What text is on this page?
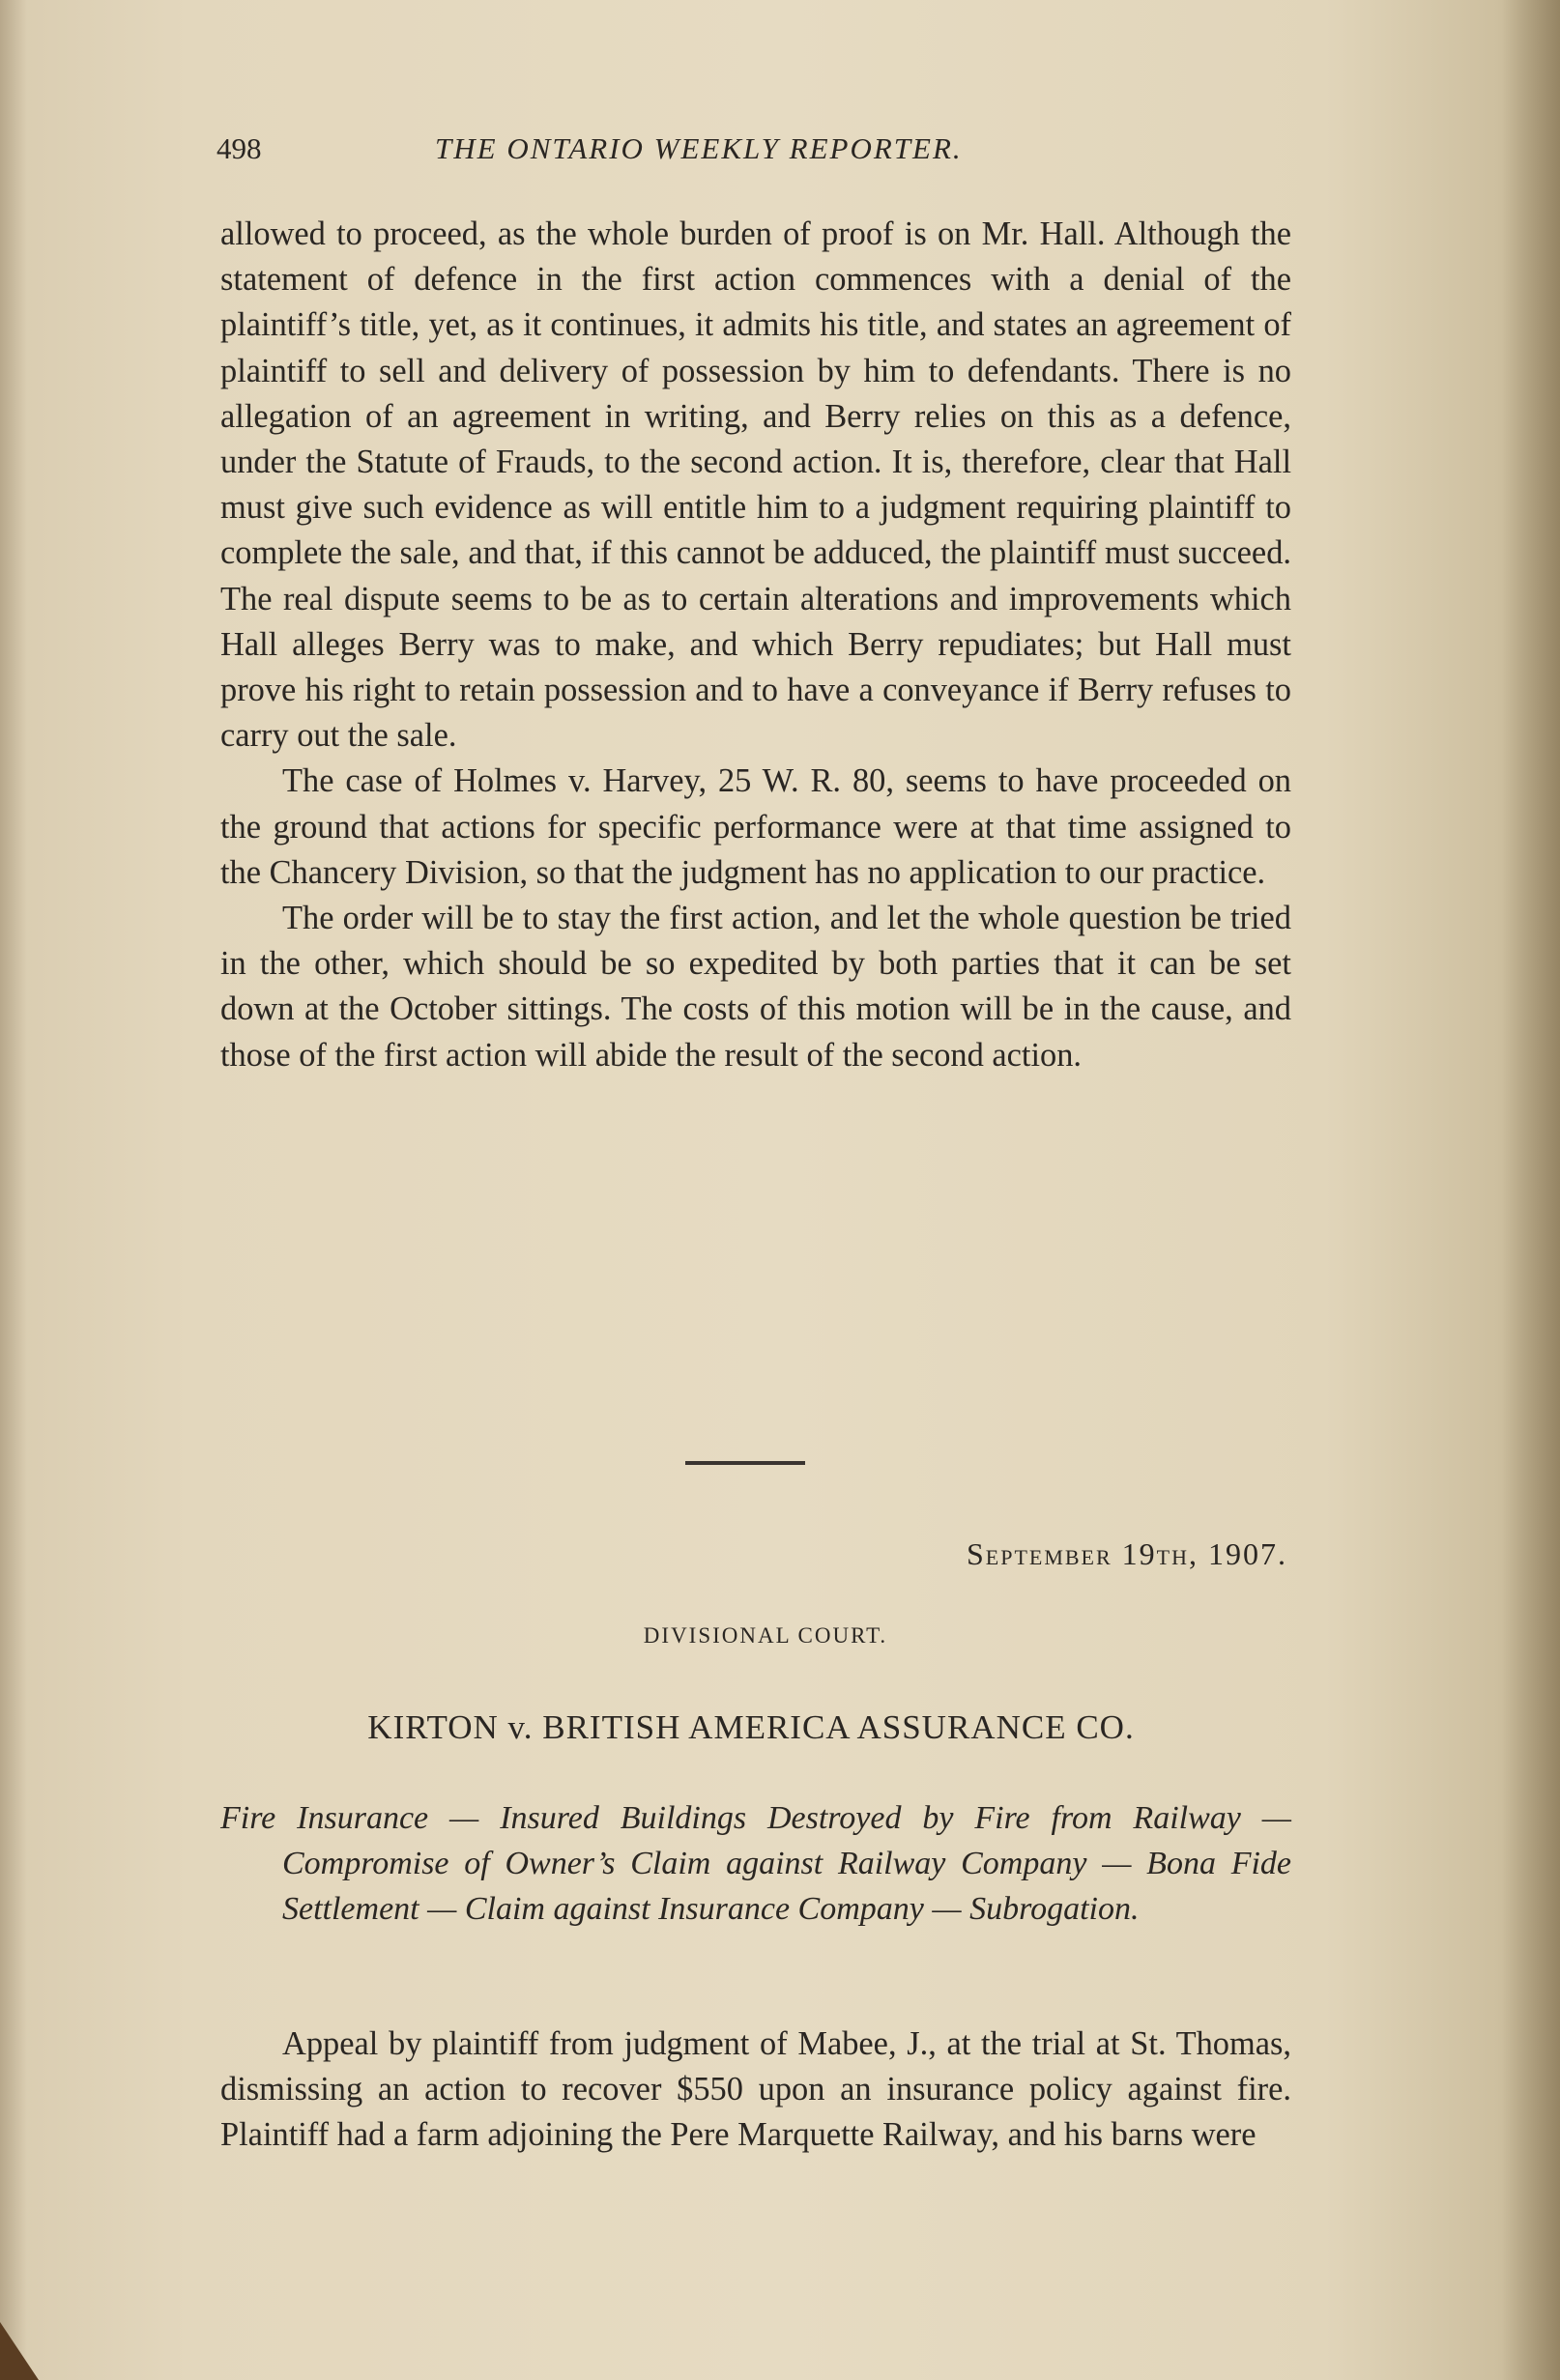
498	THE ONTARIO WEEKLY REPORTER.

allowed to proceed, as the whole burden of proof is on Mr. Hall. Although the statement of defence in the first action commences with a denial of the plaintiff’s title, yet, as it continues, it admits his title, and states an agreement of plaintiff to sell and delivery of possession by him to defendants. There is no allegation of an agreement in writing, and Berry relies on this as a defence, under the Statute of Frauds, to the second action. It is, therefore, clear that Hall must give such evidence as will entitle him to a judgment requiring plaintiff to complete the sale, and that, if this cannot be adduced, the plaintiff must succeed. The real dispute seems to be as to certain alterations and improvements which Hall alleges Berry was to make, and which Berry repudiates; but Hall must prove his right to retain possession and to have a conveyance if Berry refuses to carry out the sale.

The case of Holmes v. Harvey, 25 W. R. 80, seems to have proceeded on the ground that actions for specific performance were at that time assigned to the Chancery Division, so that the judgment has no application to our practice.

The order will be to stay the first action, and let the whole question be tried in the other, which should be so expedited by both parties that it can be set down at the October sittings. The costs of this motion will be in the cause, and those of the first action will abide the result of the second action.

September 19th, 1907.
DIVISIONAL COURT.
KIRTON v. BRITISH AMERICA ASSURANCE CO.
Fire Insurance — Insured Buildings Destroyed by Fire from Railway — Compromise of Owner’s Claim against Railway Company — Bona Fide Settlement — Claim against Insurance Company — Subrogation.

Appeal by plaintiff from judgment of Mabee, J., at the trial at St. Thomas, dismissing an action to recover $550 upon an insurance policy against fire. Plaintiff had a farm adjoining the Pere Marquette Railway, and his barns were
